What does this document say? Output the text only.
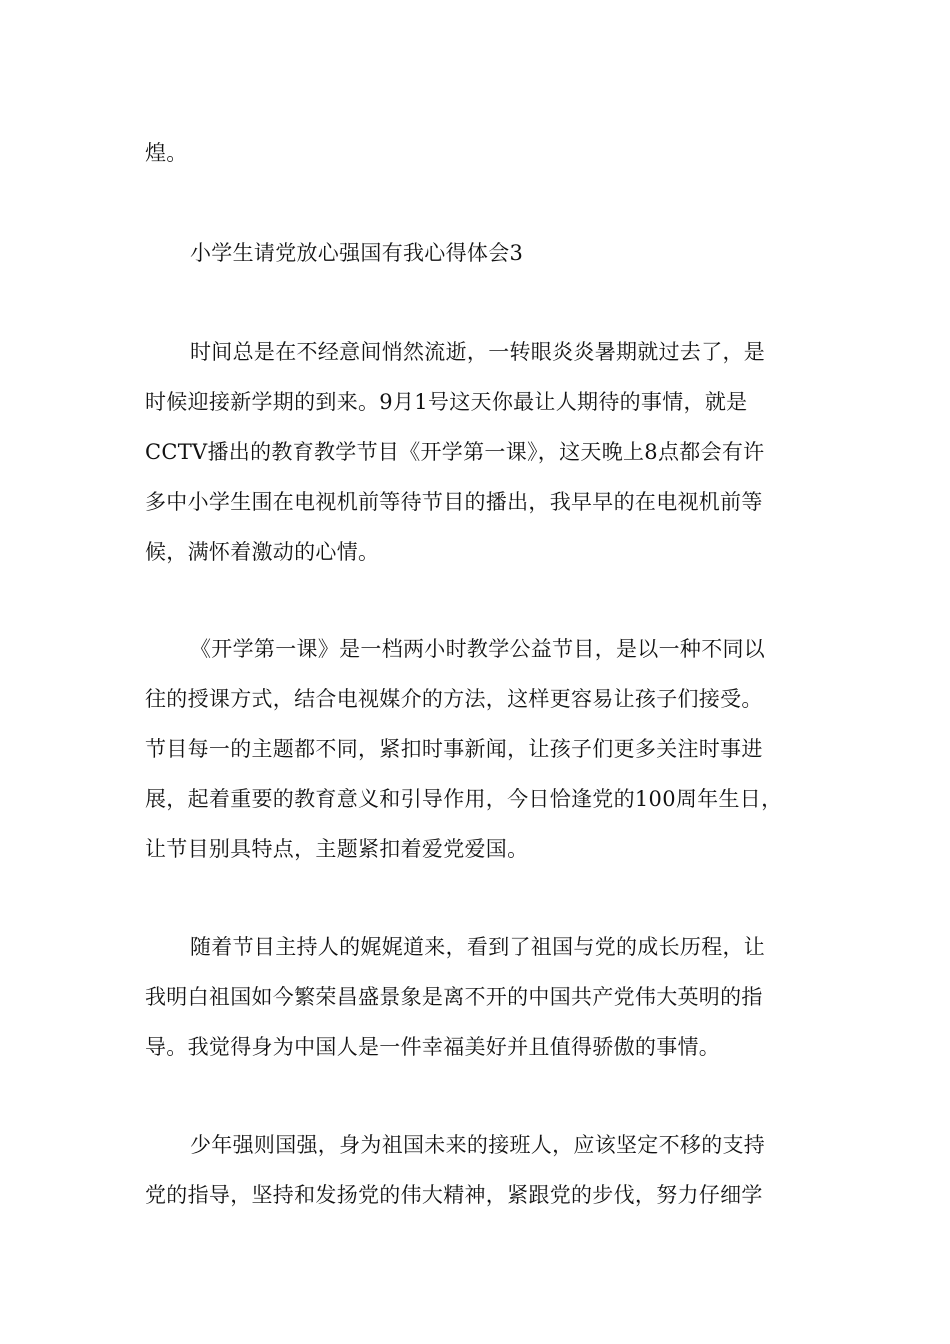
煌。

小学生请党放心强国有我心得体会3

时间总是在不经意间悄然流逝，一转眼炎炎暑期就过去了，是

时候迎接新学期的到来。9月1号这天你最让人期待的事情，就是

CCTV播出的教育教学节目《开学第一课》，这天晚上8点都会有许

多中小学生围在电视机前等待节目的播出，我早早的在电视机前等

候，满怀着激动的心情。

《开学第一课》是一档两小时教学公益节目，是以一种不同以

往的授课方式，结合电视媒介的方法，这样更容易让孩子们接受。

节目每一的主题都不同，紧扣时事新闻，让孩子们更多关注时事进

展，起着重要的教育意义和引导作用，今日恰逢党的100周年生日，

让节目别具特点，主题紧扣着爱党爱国。

随着节目主持人的娓娓道来，看到了祖国与党的成长历程，让

我明白祖国如今繁荣昌盛景象是离不开的中国共产党伟大英明的指

导。我觉得身为中国人是一件幸福美好并且值得骄傲的事情。

少年强则国强，身为祖国未来的接班人，应该坚定不移的支持

党的指导，坚持和发扬党的伟大精神，紧跟党的步伐，努力仔细学
